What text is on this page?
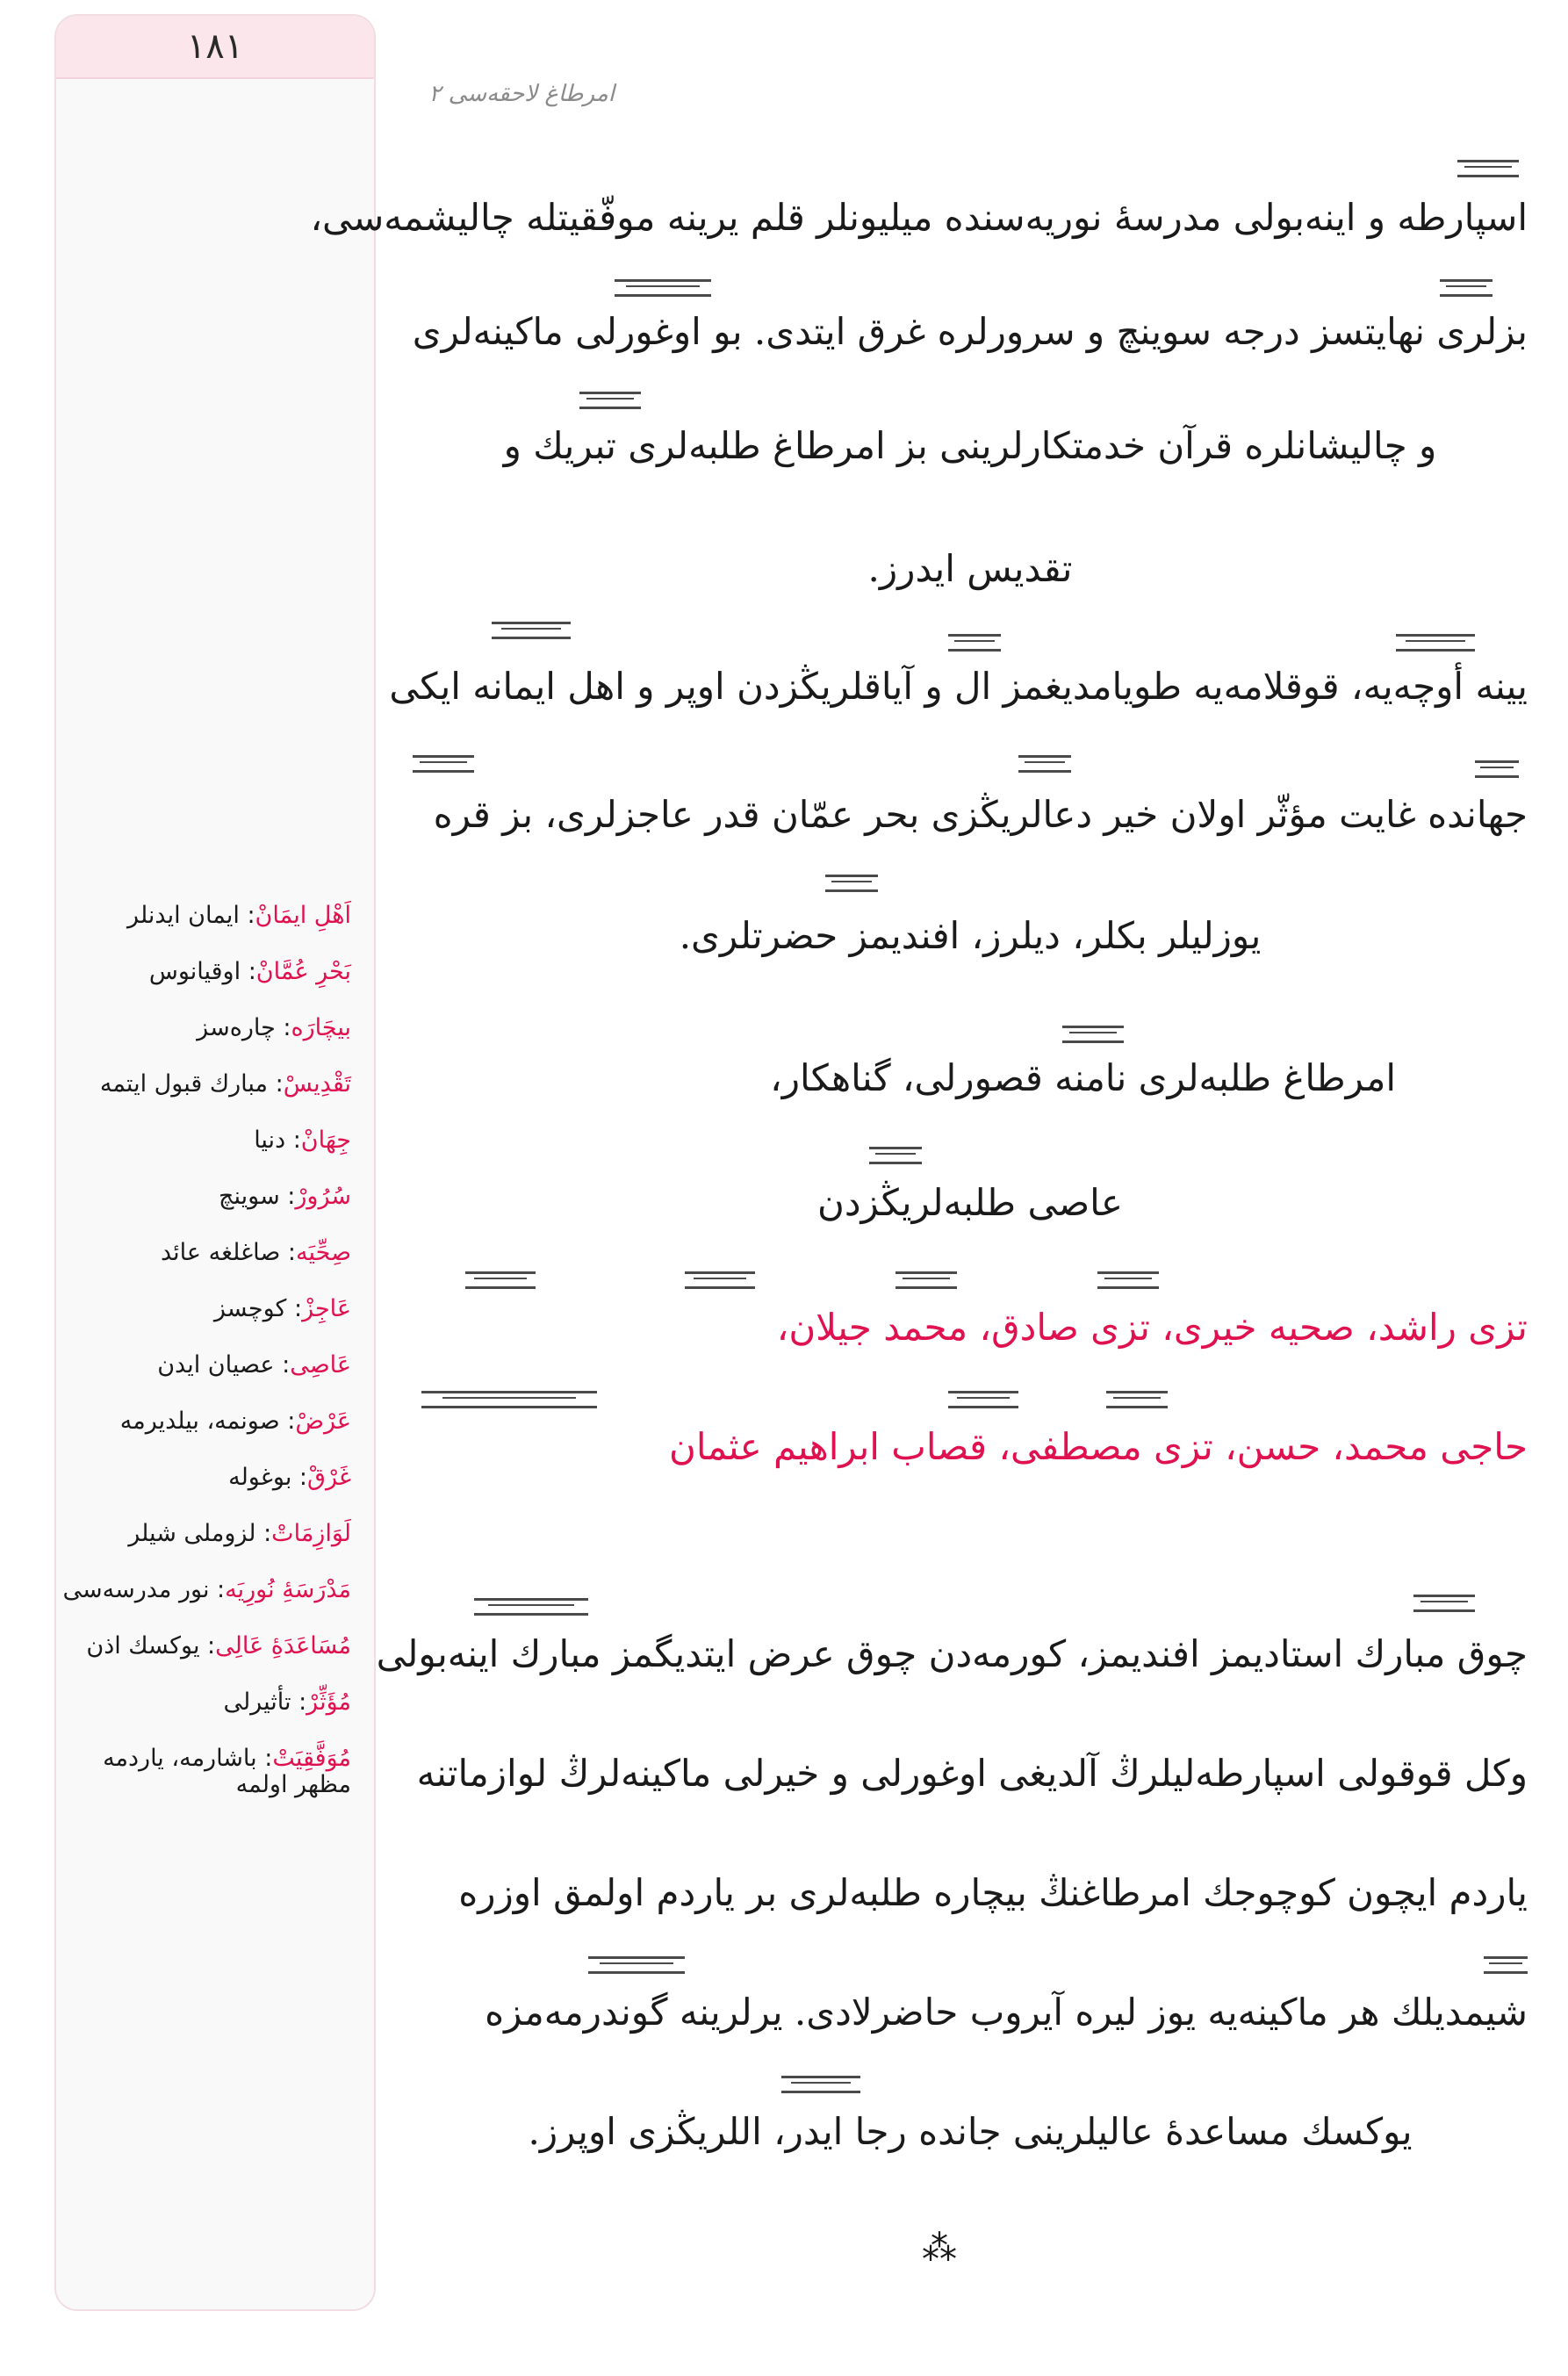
١٨١
اَهْلِ ايمَانْ: ايمان ايدنلر
بَحْرِ عُمَّانْ: اوقيانوس
بيچَارَه: چاره‌سز
تَقْدِيسْ: مبارك قبول ايتمه
جِهَانْ: دنيا
سُرُورْ: سوينچ
صِحِّيَه: صاغلغه عائد
عَاجِزْ: كوچسز
عَاصِى: عصيان ايدن
عَرْضْ: صونمه، بيلديرمه
غَرْقْ: بوغوله
لَوَازِمَاتْ: لزوملى شيلر
مَدْرَسَۀِ نُورِيَه: نور مدرسه‌سى
مُسَاعَدَۀِ عَالِى: يوكسك اذن
مُؤَثِّرْ: تأثيرلى
مُوَفَّقِيَتْ: باشارمه، ياردمه مظهر اولمه
امرطاغ لاحقه‌سی ۲
اسپارطه و اينه‌بولى مدرسۀ نوريه‌سنده ميليونلر قلم يرينه موفّقيتله چاليشمه‌سى،
بزلرى نهايتسز درجه سوينچ و سرورلره غرق ايتدى. بو اوغورلى ماكينه‌لرى
و چاليشانلره قرآن خدمتكارلرينى بز امرطاغ طلبه‌لرى تبريك و
تقديس ايدرز.
يينه أوچه‌يه، قوقلامه‌يه طويامديغمز ال و آياقلريڭزدن اوپر و اهل ايمانه ايكى
جهانده غايت مؤثّر اولان خير دعالريڭزى بحر عمّان قدر عاجزلرى، بز قره
يوزليلر بكلر، ديلرز، افنديمز حضرتلرى.
امرطاغ طلبه‌لرى نامنه قصورلى، گناهكار،
عاصى طلبه‌لريڭزدن
تزى راشد، صحيه خيرى، تزى صادق، محمد جيلان،
حاجى محمد، حسن، تزى مصطفى، قصاب ابراهيم عثمان
چوق مبارك استاديمز افنديمز، كورمه‌دن چوق عرض ايتديگمز مبارك اينه‌بولى
وكل قوقولى اسپارطه‌ليلرڭ آلديغى اوغورلى و خيرلى ماكينه‌لرڭ لوازماتنه
ياردم ايچون كوچوجك امرطاغنڭ بيچاره طلبه‌لرى بر ياردم اولمق اوزره
شيمديلك هر ماكينه‌يه يوز ليره آيروب حاضرلادى. يرلرينه گوندرمه‌مزه
يوكسك مساعدۀ عاليلرينى جانده رجا ايدر، اللريڭزى اوپرز.
⁂
